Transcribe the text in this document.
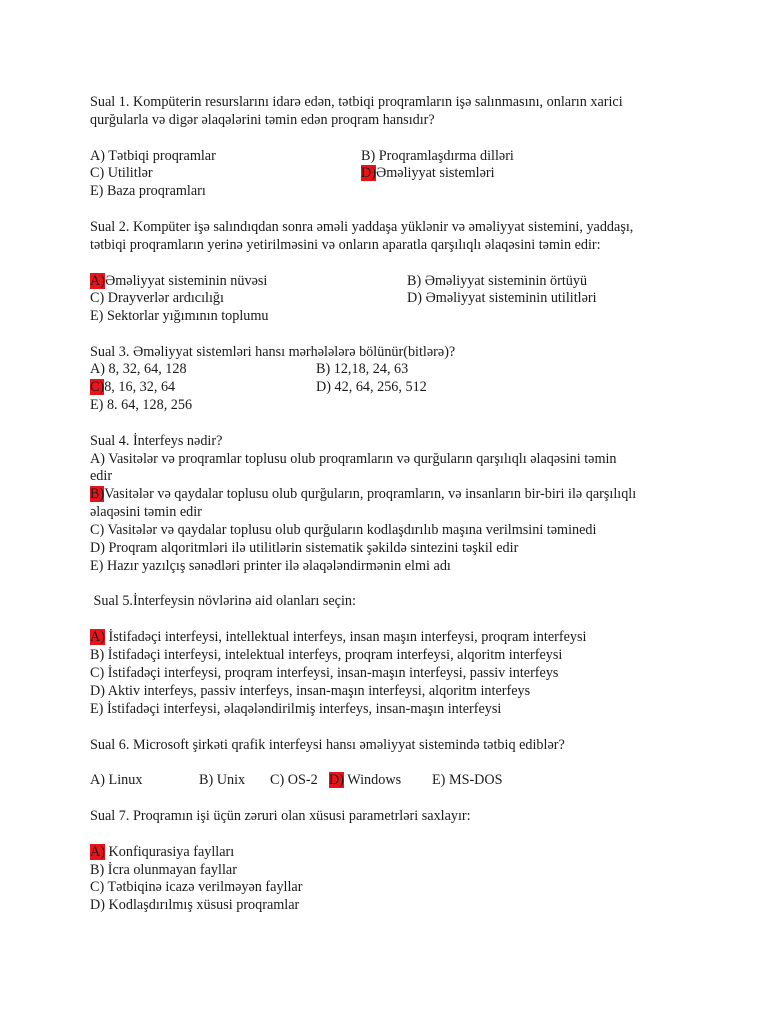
Sual 1. Kompüterin resurslarını idarə edən, tətbiqi proqramların işə salınmasını, onların xarici
qurğularla və digər əlaqələrini təmin edən proqram hansıdır?
A) Tətbiqi proqramlar	B) Proqramlaşdırma dilləri
C) Utilitlər	D)Əməliyyat sistemləri
E) Baza proqramları
Sual 2. Kompüter işə salındıqdan sonra əməli yaddaşa yüklənir və əməliyyat sistemini, yaddaşı,
tətbiqi proqramların yerinə yetirilməsini və onların aparatla qarşılıqlı əlaqəsini təmin edir:
A)Əməliyyat sisteminin nüvəsi	B) Əməliyyat sisteminin örtüyü
C) Drayverlər ardıcılığı	D) Əməliyyat sisteminin utilitləri
E) Sektorlar yığımının toplumu
Sual 3. Əməliyyat sistemləri hansı mərhələlərə bölünür(bitlərə)?
A) 8, 32, 64, 128	B) 12,18, 24, 63
C)8, 16, 32, 64	D) 42, 64, 256, 512
E) 8. 64, 128, 256
Sual 4. İnterfeys nədir?
A) Vasitələr və proqramlar toplusu olub proqramların və qurğuların qarşılıqlı əlaqəsini təmin
edir
B)Vasitələr və qaydalar toplusu olub qurğuların, proqramların, və insanların bir-biri ilə qarşılıqlı
əlaqəsini təmin edir
C) Vasitələr və qaydalar toplusu olub qurğuların kodlaşdırılıb maşına verilmsini təminedi
D) Proqram alqoritmləri ilə utilitlərin sistematik şəkildə sintezini təşkil edir
E) Hazır yazılçış sənədləri printer ilə əlaqələndirmənin elmi adı
Sual 5.İnterfeysin növlərinə aid olanları seçin:
A) İstifadəçi interfeysi, intellektual interfeys, insan maşın interfeysi, proqram interfeysi
B) İstifadəçi interfeysi, intelektual interfeys, proqram interfeysi, alqoritm interfeysi
C) İstifadəçi interfeysi, proqram interfeysi, insan-maşın interfeysi, passiv interfeys
D) Aktiv interfeys, passiv interfeys, insan-maşın interfeysi, alqoritm interfeys
E) İstifadəçi interfeysi, əlaqələndirilmiş interfeys, insan-maşın interfeysi
Sual 6. Microsoft şirkəti qrafik interfeysi hansı əməliyyat sistemində tətbiq ediblər?
A) Linux	B) Unix C) OS-2 D) Windows E) MS-DOS
Sual 7. Proqramın işi üçün zəruri olan xüsusi parametrləri saxlayır:
A) Konfiqurasiya faylları
B) İcra olunmayan fayllar
C) Tətbiqinə icazə verilməyən fayllar
D) Kodlaşdırılmış xüsusi proqramlar
